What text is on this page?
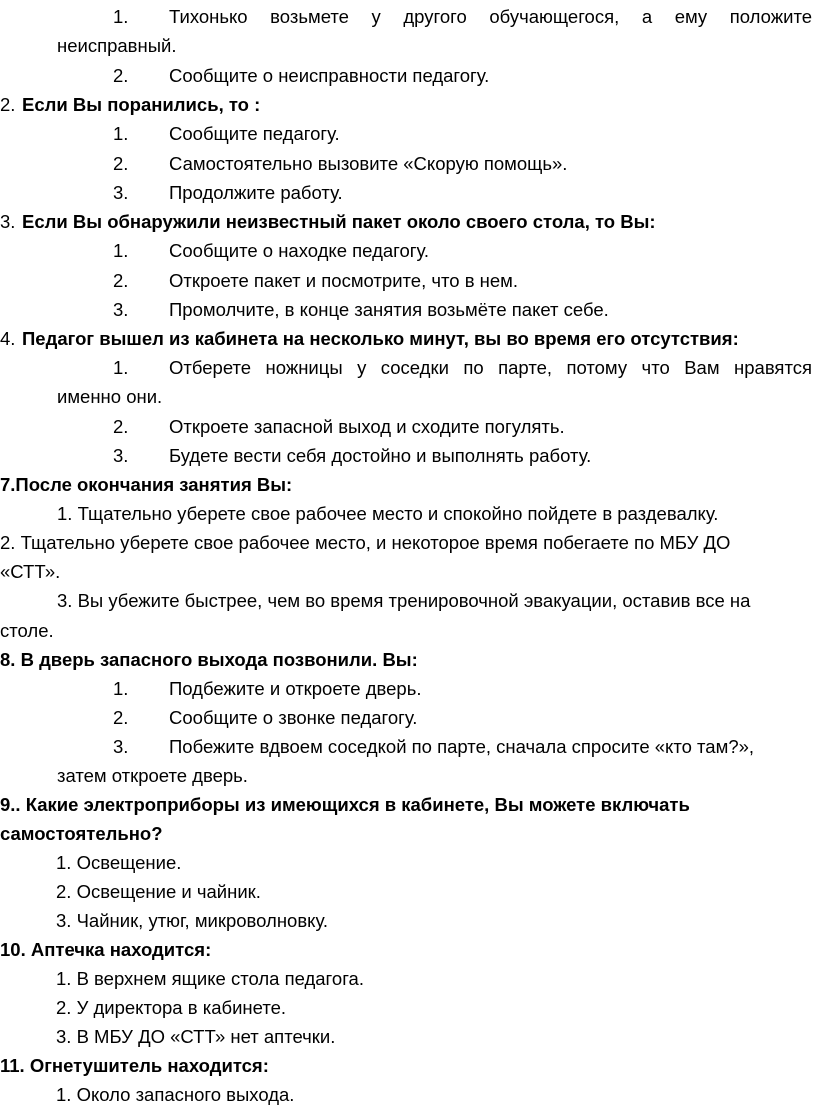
1. Тихонько возьмете у другого обучающегося, а ему положите
неисправный.
2. Сообщите о неисправности педагогу.
2. Если Вы поранились, то :
1. Сообщите педагогу.
2. Самостоятельно вызовите «Скорую помощь».
3. Продолжите работу.
3. Если Вы обнаружили неизвестный пакет около своего стола, то Вы:
1. Сообщите о находке педагогу.
2. Откроете пакет и посмотрите, что в нем.
3. Промолчите, в конце занятия возьмёте пакет себе.
4. Педагог вышел из кабинета на несколько минут, вы во время его отсутствия:
1. Отберете ножницы у соседки по парте, потому что Вам нравятся
именно они.
2. Откроете запасной выход и сходите погулять.
3. Будете вести себя достойно и выполнять работу.
7.После окончания занятия Вы:
1. Тщательно уберете свое рабочее место и спокойно пойдете в раздевалку.
2. Тщательно уберете свое рабочее место, и некоторое время побегаете по МБУ ДО
«СТТ».
3. Вы убежите быстрее, чем во время тренировочной эвакуации, оставив все на
столе.
8. В дверь запасного выхода позвонили. Вы:
1. Подбежите и откроете дверь.
2. Сообщите о звонке педагогу.
3. Побежите вдвоем соседкой по парте, сначала спросите «кто там?»,
затем откроете дверь.
9.. Какие электроприборы из имеющихся в кабинете, Вы можете включать
самостоятельно?
1. Освещение.
2. Освещение и чайник.
3. Чайник, утюг, микроволновку.
10. Аптечка находится:
1. В верхнем ящике стола педагога.
2. У директора в кабинете.
3. В МБУ ДО «СТТ» нет аптечки.
11. Огнетушитель находится:
1. Около запасного выхода.
